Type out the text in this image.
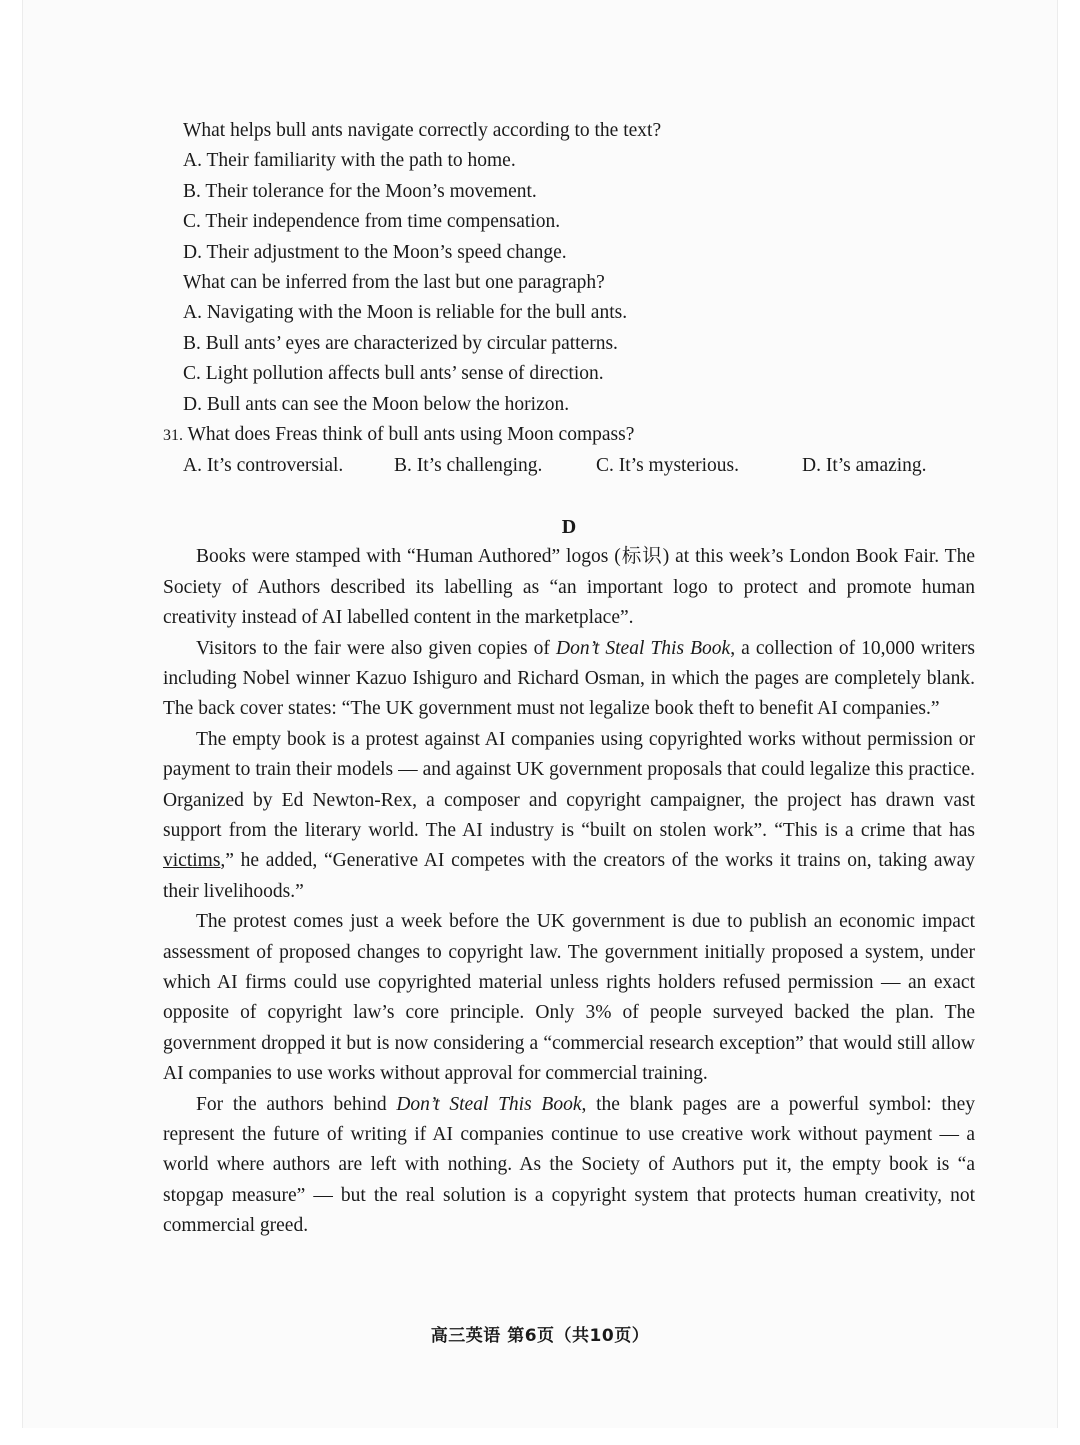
What helps bull ants navigate correctly according to the text?
A. Their familiarity with the path to home.
B. Their tolerance for the Moon’s movement.
C. Their independence from time compensation.
D. Their adjustment to the Moon’s speed change.
What can be inferred from the last but one paragraph?
A. Navigating with the Moon is reliable for the bull ants.
B. Bull ants’ eyes are characterized by circular patterns.
C. Light pollution affects bull ants’ sense of direction.
D. Bull ants can see the Moon below the horizon.
31. What does Freas think of bull ants using Moon compass?
A. It’s controversial.	B. It’s challenging.	C. It’s mysterious.	D. It’s amazing.
D

Books were stamped with “Human Authored” logos (标识) at this week’s London Book Fair. The Society of Authors described its labelling as “an important logo to protect and promote human creativity instead of AI labelled content in the marketplace”.

Visitors to the fair were also given copies of Don’t Steal This Book, a collection of 10,000 writers including Nobel winner Kazuo Ishiguro and Richard Osman, in which the pages are completely blank. The back cover states: “The UK government must not legalize book theft to benefit AI companies.”

The empty book is a protest against AI companies using copyrighted works without permission or payment to train their models — and against UK government proposals that could legalize this practice. Organized by Ed Newton-Rex, a composer and copyright campaigner, the project has drawn vast support from the literary world. The AI industry is “built on stolen work”. “This is a crime that has victims,” he added, “Generative AI competes with the creators of the works it trains on, taking away their livelihoods.”

The protest comes just a week before the UK government is due to publish an economic impact assessment of proposed changes to copyright law. The government initially proposed a system, under which AI firms could use copyrighted material unless rights holders refused permission — an exact opposite of copyright law’s core principle. Only 3% of people surveyed backed the plan. The government dropped it but is now considering a “commercial research exception” that would still allow AI companies to use works without approval for commercial training.

For the authors behind Don’t Steal This Book, the blank pages are a powerful symbol: they represent the future of writing if AI companies continue to use creative work without payment — a world where authors are left with nothing. As the Society of Authors put it, the empty book is “a stopgap measure” — but the real solution is a copyright system that protects human creativity, not commercial greed.

高三英语 第6页（共10页）
